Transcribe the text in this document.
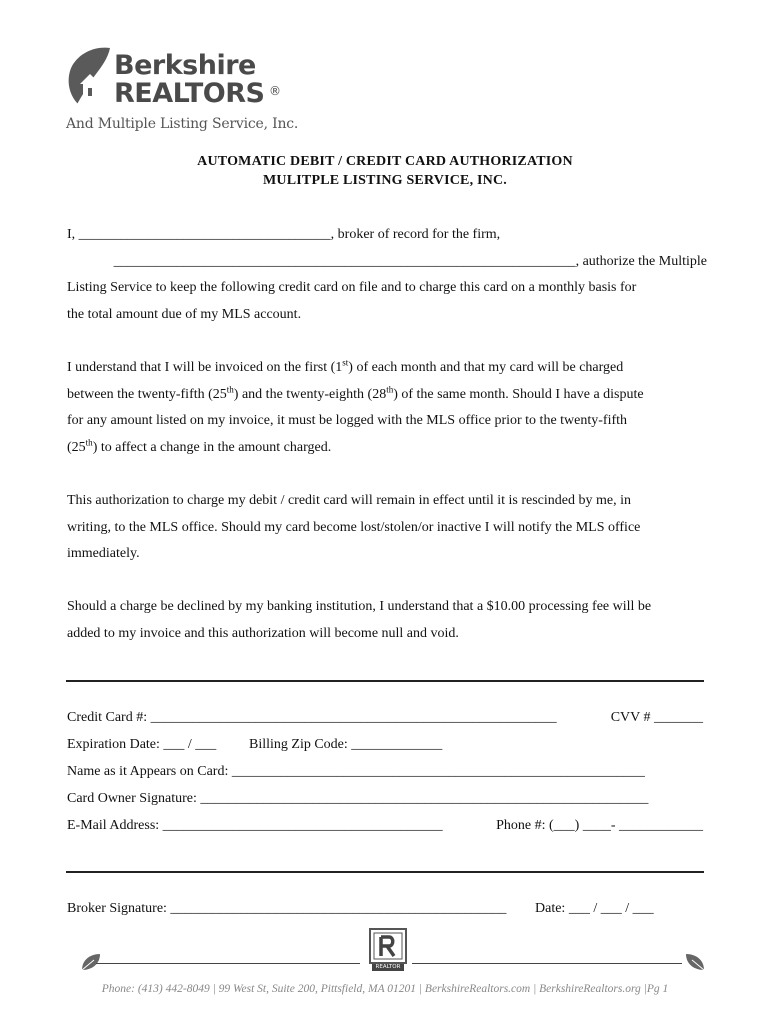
Berkshire
REALTORS ®
And Multiple Listing Service, Inc.
AUTOMATIC DEBIT / CREDIT CARD AUTHORIZATION
MULITPLE LISTING SERVICE, INC.

I, ____________________________________, broker of record for the firm,

__________________________________________________________________, authorize the Multiple

Listing Service to keep the following credit card on file and to charge this card on a monthly basis for

the total amount due of my MLS account.

I understand that I will be invoiced on the first (1st) of each month and that my card will be charged

between the twenty-fifth (25th) and the twenty-eighth (28th) of the same month. Should I have a dispute

for any amount listed on my invoice, it must be logged with the MLS office prior to the twenty-fifth

(25th) to affect a change in the amount charged.

This authorization to charge my debit / credit card will remain in effect until it is rescinded by me, in

writing, to the MLS office. Should my card become lost/stolen/or inactive I will notify the MLS office

immediately.

Should a charge be declined by my banking institution, I understand that a $10.00 processing fee will be

added to my invoice and this authorization will become null and void.

Credit Card #: __________________________________________________________	CVV # _______
Expiration Date: ___ / ___ Billing Zip Code: _____________
Name as it Appears on Card: ___________________________________________________________
Card Owner Signature: ________________________________________________________________
E-Mail Address: ________________________________________	Phone #: (___) ____- ____________
Broker Signature: ________________________________________________ Date: ___ / ___ / ___
REALTOR
Phone: (413) 442-8049 | 99 West St, Suite 200, Pittsfield, MA 01201 | BerkshireRealtors.com | BerkshireRealtors.org |Pg 1
